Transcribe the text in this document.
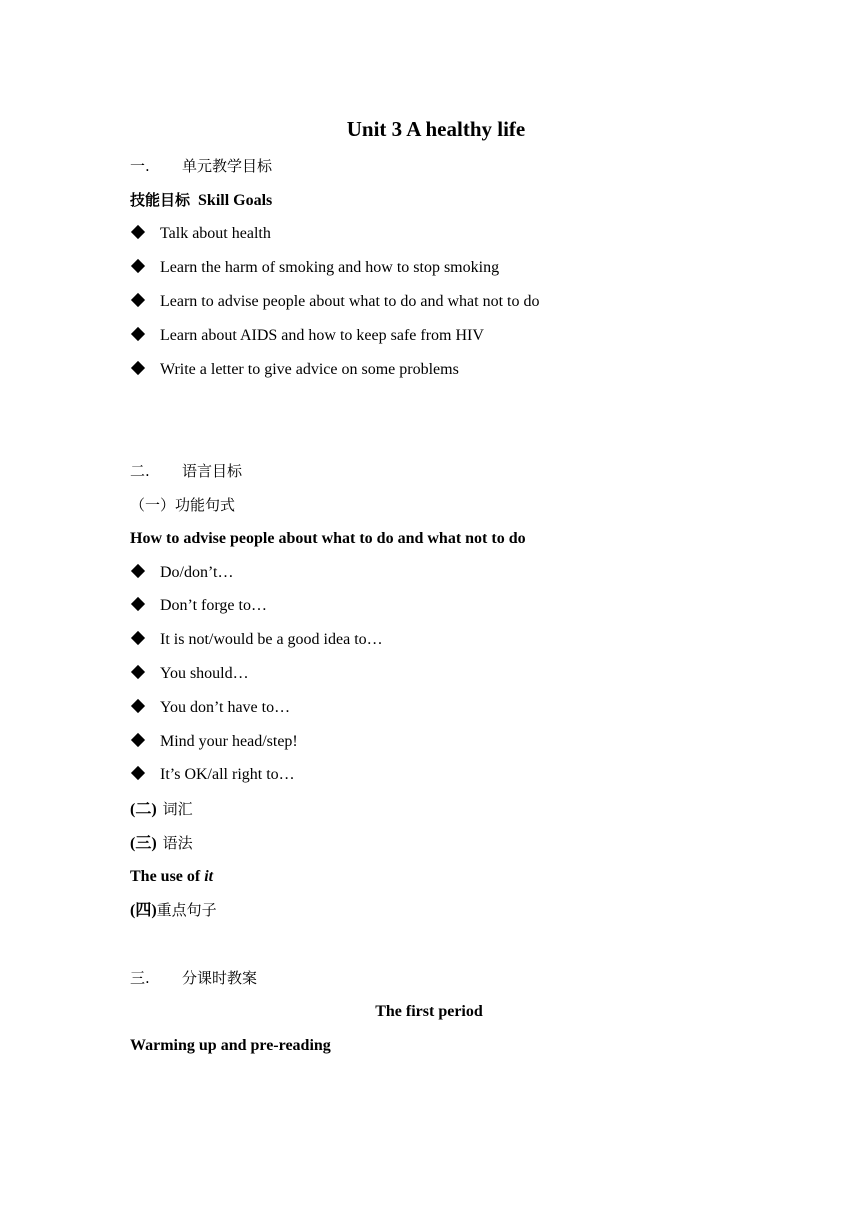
Unit 3 A healthy life
一. 单元教学目标
技能目标 Skill Goals
Talk about health
Learn the harm of smoking and how to stop smoking
Learn to advise people about what to do and what not to do
Learn about AIDS and how to keep safe from HIV
Write a letter to give advice on some problems
二. 语言目标
（一）功能句式
How to advise people about what to do and what not to do
Do/don’t…
Don’t forge to…
It is not/would be a good idea to…
You should…
You don’t have to…
Mind your head/step!
It’s OK/all right to…
(二) 词汇
(三) 语法
The use of it
(四)重点句子
三. 分课时教案
The first period
Warming up and pre-reading
